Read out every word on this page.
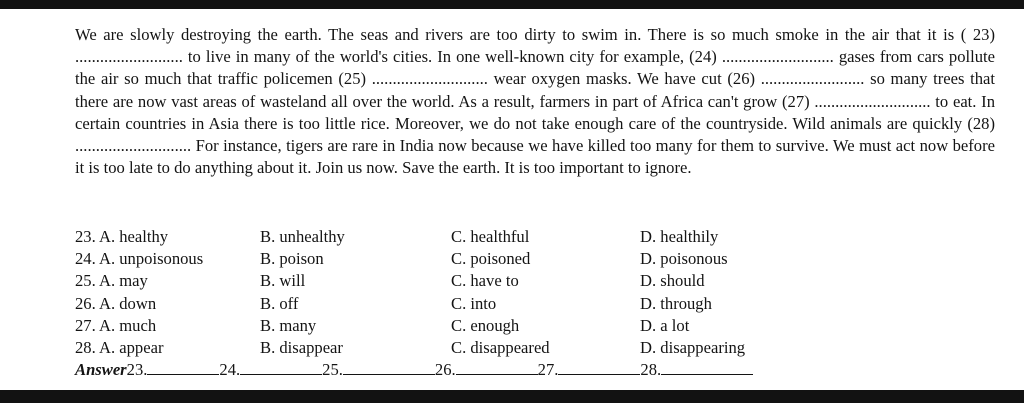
We are slowly destroying the earth. The seas and rivers are too dirty to swim in. There is so much smoke in the air that it is ( 23) .......................... to live in many of the world's cities. In one well-known city for example, (24) ........................... gases from cars pollute the air so much that traffic policemen (25) ............................ wear oxygen masks. We have cut (26) ......................... so many trees that there are now vast areas of wasteland all over the world. As a result, farmers in part of Africa can't grow (27) ............................ to eat. In certain countries in Asia there is too little rice. Moreover, we do not take enough care of the countryside. Wild animals are quickly (28) ............................ For instance, tigers are rare in India now because we have killed too many for them to survive. We must act now before it is too late to do anything about it. Join us now. Save the earth. It is too important to ignore.
23. A. healthy	B. unhealthy	C. healthful	D. healthily
24. A. unpoisonous	B. poison	C. poisoned	D. poisonous
25. A. may	B. will	C. have to	D. should
26. A. down	B. off	C. into	D. through
27. A. much	B. many	C. enough	D. a lot
28. A. appear	B. disappear	C. disappeared	D. disappearing
Answer23.	24.	25.	26.	27.	28.
